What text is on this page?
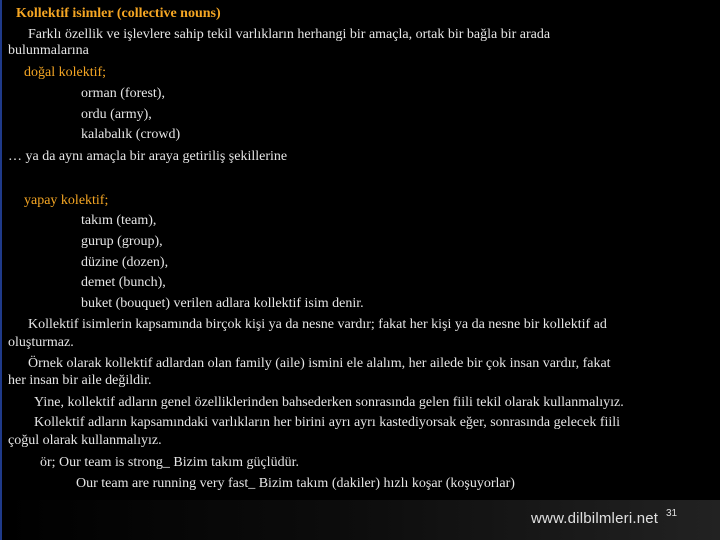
Kollektif isimler (collective nouns)

Farklı özellik ve işlevlere sahip tekil varlıkların herhangi bir amaçla, ortak bir bağla bir arada

bulunmalarına

doğal kolektif;

orman (forest),

ordu (army),

kalabalık (crowd)

… ya da aynı amaçla bir araya getiriliş şekillerine

yapay kolektif;

takım (team),

gurup (group),

düzine (dozen),

demet (bunch),

buket (bouquet) verilen adlara kollektif isim denir.

Kollektif isimlerin kapsamında birçok kişi ya da nesne vardır; fakat her kişi ya da nesne bir kollektif ad

oluşturmaz.

Örnek olarak kollektif adlardan olan family (aile) ismini ele alalım, her ailede bir çok insan vardır, fakat

her insan bir aile değildir.

Yine, kollektif adların genel özelliklerinden bahsederken sonrasında gelen fiili tekil olarak kullanmalıyız.

Kollektif adların kapsamındaki varlıkların her birini ayrı ayrı kastediyorsak eğer, sonrasında gelecek fiili

çoğul olarak kullanmalıyız.

ör; Our team is strong_ Bizim takım güçlüdür.

Our team are running very fast_ Bizim takım (dakiler) hızlı koşar (koşuyorlar)

www.dilbilmleri.net 31
